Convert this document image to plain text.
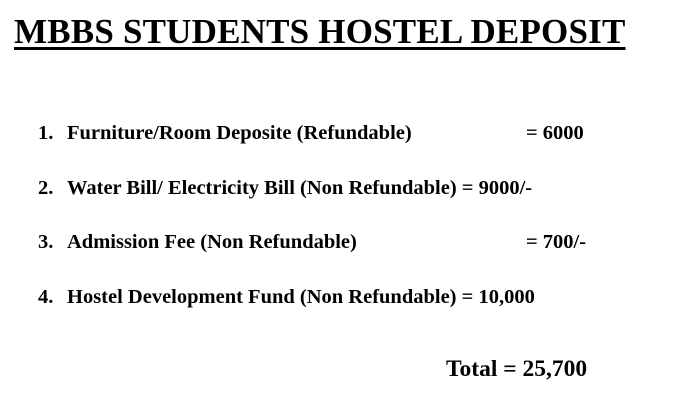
MBBS STUDENTS HOSTEL DEPOSIT
1. Furniture/Room Deposite (Refundable)	= 6000
2. Water Bill/ Electricity Bill (Non Refundable) = 9000/-
3. Admission Fee (Non Refundable)	= 700/-
4. Hostel Development Fund (Non Refundable) = 10,000
Total = 25,700
